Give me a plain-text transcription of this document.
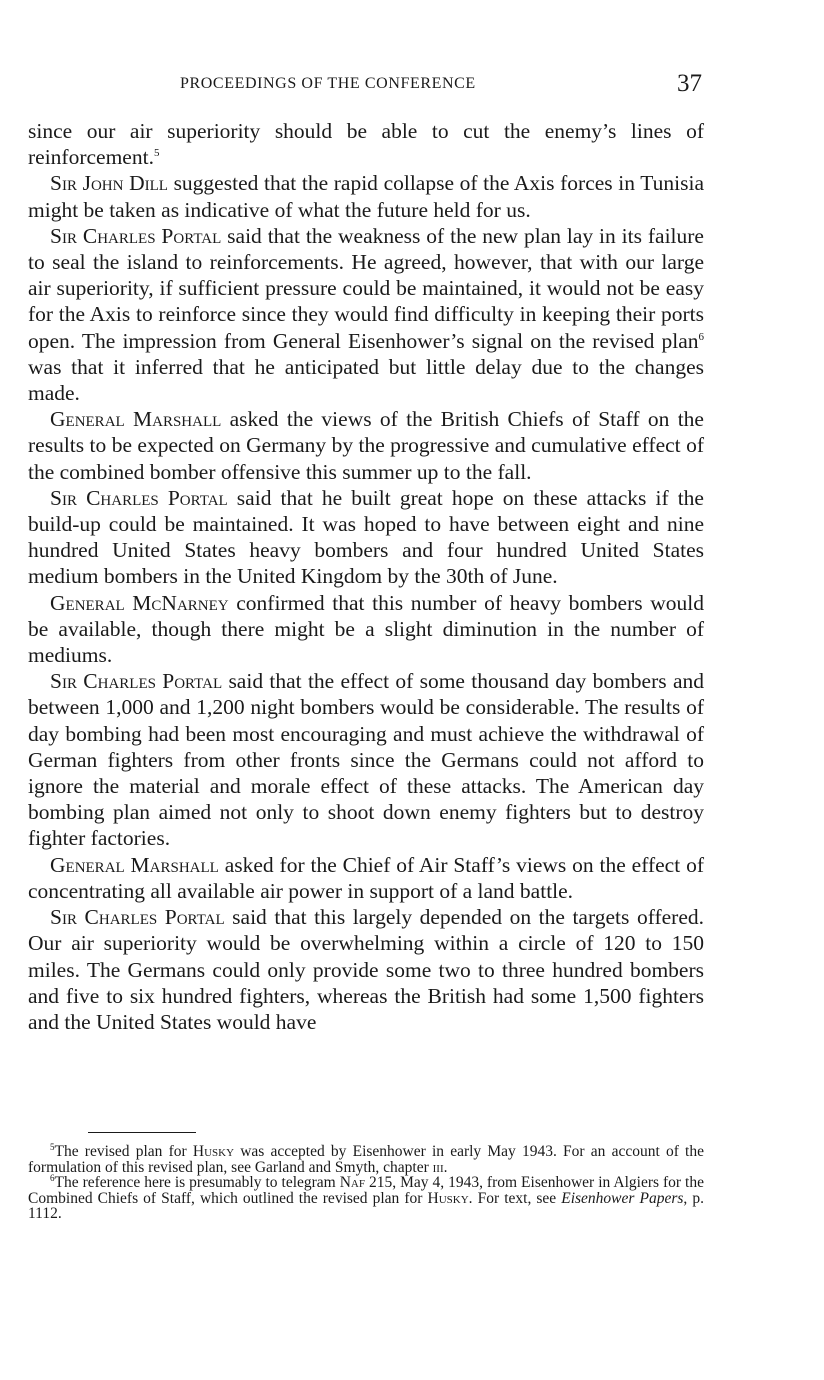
PROCEEDINGS OF THE CONFERENCE	37

since our air superiority should be able to cut the enemy’s lines of reinforcement.$^5$

Sir John Dill suggested that the rapid collapse of the Axis forces in Tunisia might be taken as indicative of what the future held for us.

Sir Charles Portal said that the weakness of the new plan lay in its failure to seal the island to reinforcements. He agreed, however, that with our large air superiority, if sufficient pressure could be maintained, it would not be easy for the Axis to reinforce since they would find difficulty in keeping their ports open. The impression from General Eisenhower’s signal on the revised plan$^6$ was that it inferred that he anticipated but little delay due to the changes made.

General Marshall asked the views of the British Chiefs of Staff on the results to be expected on Germany by the progressive and cumulative effect of the combined bomber offensive this summer up to the fall.

Sir Charles Portal said that he built great hope on these attacks if the build-up could be maintained. It was hoped to have between eight and nine hundred United States heavy bombers and four hundred United States medium bombers in the United Kingdom by the 30th of June.

General McNarney confirmed that this number of heavy bombers would be available, though there might be a slight diminution in the number of mediums.

Sir Charles Portal said that the effect of some thousand day bombers and between 1,000 and 1,200 night bombers would be considerable. The results of day bombing had been most encouraging and must achieve the withdrawal of German fighters from other fronts since the Germans could not afford to ignore the material and morale effect of these attacks. The American day bombing plan aimed not only to shoot down enemy fighters but to destroy fighter factories.

General Marshall asked for the Chief of Air Staff’s views on the effect of concentrating all available air power in support of a land battle.

Sir Charles Portal said that this largely depended on the targets offered. Our air superiority would be overwhelming within a circle of 120 to 150 miles. The Germans could only provide some two to three hundred bombers and five to six hundred fighters, whereas the British had some 1,500 fighters and the United States would have

$^5$The revised plan for Husky was accepted by Eisenhower in early May 1943. For an account of the formulation of this revised plan, see Garland and Smyth, chapter iii.

$^6$The reference here is presumably to telegram Naf 215, May 4, 1943, from Eisenhower in Algiers for the Combined Chiefs of Staff, which outlined the revised plan for Husky. For text, see Eisenhower Papers, p. 1112.
